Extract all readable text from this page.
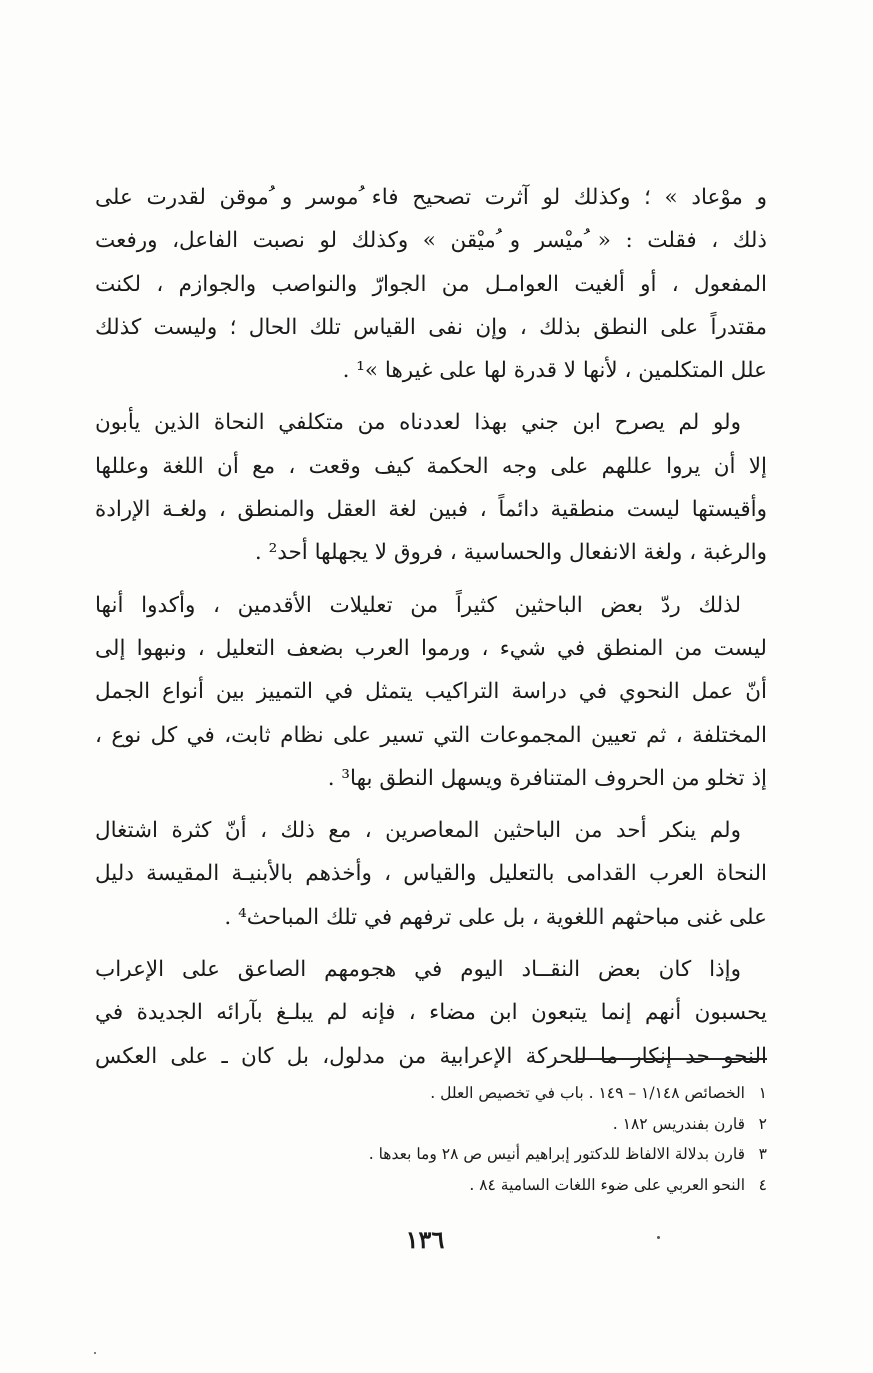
و موْعاد » ؛ وكذلك لو آثرت تصحيح فاء ُموسر و ُموقن لقدرت على
ذلك ، فقلت : « ُميْسر و ُميْقن » وكذلك لو نصبت الفاعل، ورفعت
المفعول ، أو ألغيت العوامـل من الجوارّ والنواصب والجوازم ، لكنت
مقتدراً على النطق بذلك ، وإن نفى القياس تلك الحال ؛ وليست كذلك
علل المتكلمين ، لأنها لا قدرة لها على غيرها »¹ .

ولو لم يصرح ابن جني بهذا لعددناه من متكلفي النحاة الذين يأبون
إلا أن يروا عللهم على وجه الحكمة كيف وقعت ، مع أن اللغة وعللها
وأقيستها ليست منطقية دائماً ، فبين لغة العقل والمنطق ، ولغـة الإرادة
والرغبة ، ولغة الانفعال والحساسية ، فروق لا يجهلها أحد² .

لذلك ردّ بعض الباحثين كثيراً من تعليلات الأقدمين ، وأكدوا أنها
ليست من المنطق في شيء ، ورموا العرب بضعف التعليل ، ونبهوا إلى
أنّ عمل النحوي في دراسة التراكيب يتمثل في التمييز بين أنواع الجمل
المختلفة ، ثم تعيين المجموعات التي تسير على نظام ثابت، في كل نوع ،
إذ تخلو من الحروف المتنافرة ويسهل النطق بها³ .

ولم ينكر أحد من الباحثين المعاصرين ، مع ذلك ، أنّ كثرة اشتغال
النحاة العرب القدامى بالتعليل والقياس ، وأخذهم بالأبنيـة المقيسة دليل
على غنى مباحثهم اللغوية ، بل على ترفهم في تلك المباحث⁴ .

وإذا كان بعض النقــاد اليوم في هجومهم الصاعق على الإعراب
يحسبون أنهم إنما يتبعون ابن مضاء ، فإنه لم يبلـغ بآرائه الجديدة في
النحو حد إنكار ما للحركة الإعرابية من مدلول، بل كان ـ على العكس

١الخصائص ١/١٤٨ – ١٤٩ . باب في تخصيص العلل .
٢قارن بفندريس ١٨٢ .
٣قارن بدلالة الالفاظ للدكتور إبراهيم أنيس ص ٢٨ وما بعدها .
٤النحو العربي على ضوء اللغات السامية ٨٤ .
١٣٦
